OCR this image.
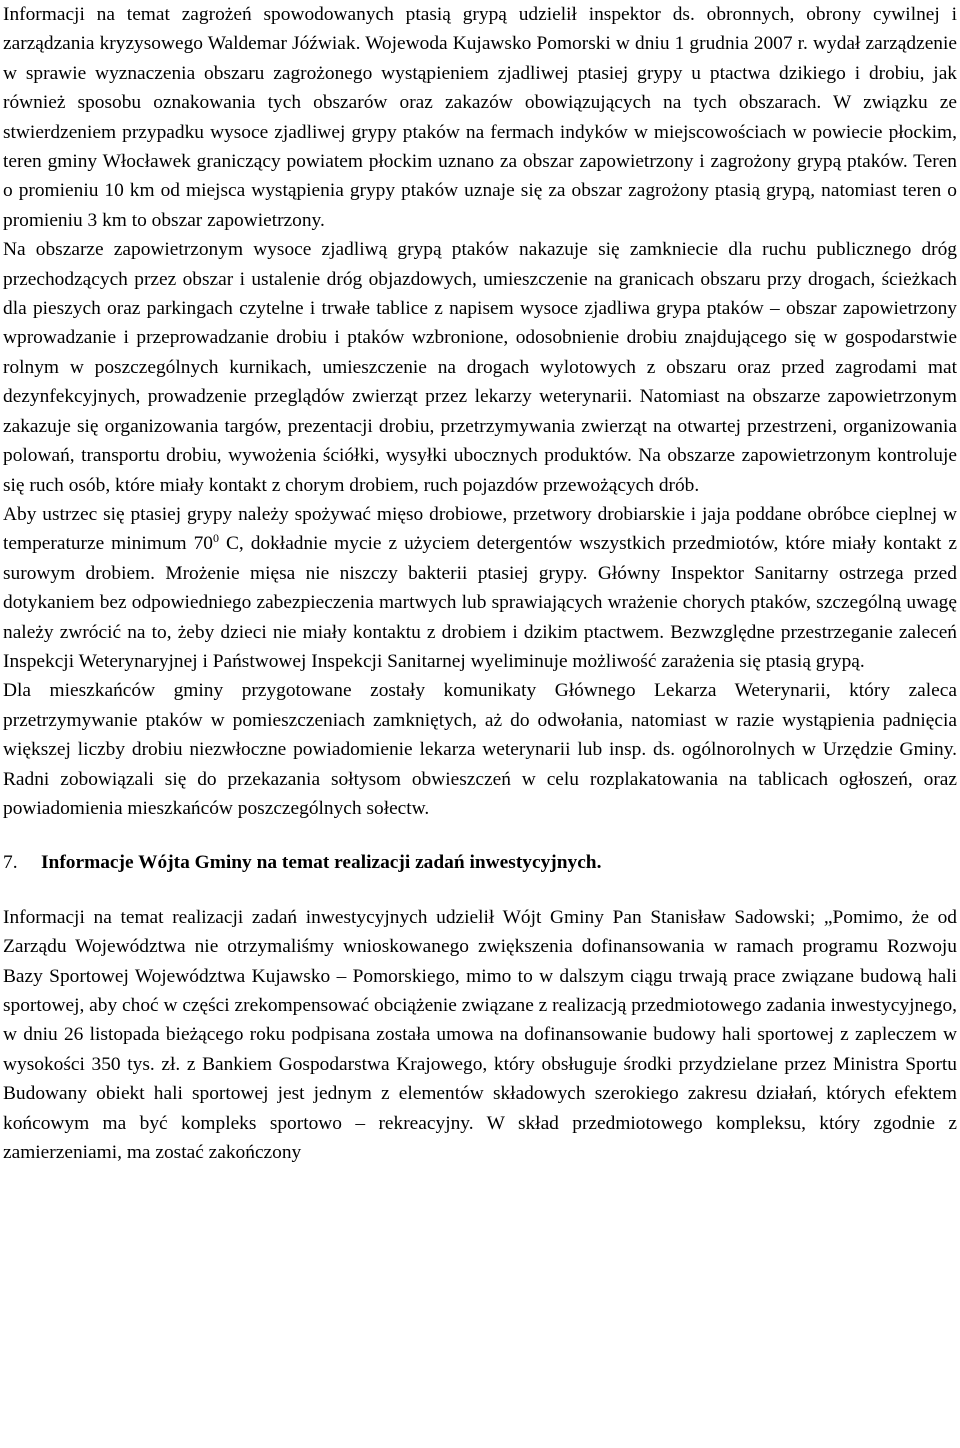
Informacji na temat zagrożeń spowodowanych ptasią grypą udzielił inspektor ds. obronnych, obrony cywilnej i zarządzania kryzysowego Waldemar Jóźwiak. Wojewoda Kujawsko Pomorski w dniu 1 grudnia 2007 r. wydał zarządzenie w sprawie wyznaczenia obszaru zagrożonego wystąpieniem zjadliwej ptasiej grypy u ptactwa dzikiego i drobiu, jak również sposobu oznakowania tych obszarów oraz zakazów obowiązujących na tych obszarach. W związku ze stwierdzeniem przypadku wysoce zjadliwej grypy ptaków na fermach indyków w miejscowościach w powiecie płockim, teren gminy Włocławek graniczący powiatem płockim uznano za obszar zapowietrzony i zagrożony grypą ptaków. Teren o promieniu 10 km od miejsca wystąpienia grypy ptaków uznaje się za obszar zagrożony ptasią grypą, natomiast teren o promieniu 3 km to obszar zapowietrzony.

Na obszarze zapowietrzonym wysoce zjadliwą grypą ptaków nakazuje się zamkniecie dla ruchu publicznego dróg przechodzących przez obszar i ustalenie dróg objazdowych, umieszczenie na granicach obszaru przy drogach, ścieżkach dla pieszych oraz parkingach czytelne i trwałe tablice z napisem wysoce zjadliwa grypa ptaków – obszar zapowietrzony wprowadzanie i przeprowadzanie drobiu i ptaków wzbronione, odosobnienie drobiu znajdującego się w gospodarstwie rolnym w poszczególnych kurnikach, umieszczenie na drogach wylotowych z obszaru oraz przed zagrodami mat dezynfekcyjnych, prowadzenie przeglądów zwierząt przez lekarzy weterynarii. Natomiast na obszarze zapowietrzonym zakazuje się organizowania targów, prezentacji drobiu, przetrzymywania zwierząt na otwartej przestrzeni, organizowania polowań, transportu drobiu, wywożenia ściółki, wysyłki ubocznych produktów. Na obszarze zapowietrzonym kontroluje się ruch osób, które miały kontakt z chorym drobiem, ruch pojazdów przewożących drób.

Aby ustrzec się ptasiej grypy należy spożywać mięso drobiowe, przetwory drobiarskie i jaja poddane obróbce cieplnej w temperaturze minimum $70^0$ C, dokładnie mycie z użyciem detergentów wszystkich przedmiotów, które miały kontakt z surowym drobiem. Mrożenie mięsa nie niszczy bakterii ptasiej grypy. Główny Inspektor Sanitarny ostrzega przed dotykaniem bez odpowiedniego zabezpieczenia martwych lub sprawiających wrażenie chorych ptaków, szczególną uwagę należy zwrócić na to, żeby dzieci nie miały kontaktu z drobiem i dzikim ptactwem. Bezwzględne przestrzeganie zaleceń Inspekcji Weterynaryjnej i Państwowej Inspekcji Sanitarnej wyeliminuje możliwość zarażenia się ptasią grypą.

Dla mieszkańców gminy przygotowane zostały komunikaty Głównego Lekarza Weterynarii, który zaleca przetrzymywanie ptaków w pomieszczeniach zamkniętych, aż do odwołania, natomiast w razie wystąpienia padnięcia większej liczby drobiu niezwłoczne powiadomienie lekarza weterynarii lub insp. ds. ogólnorolnych w Urzędzie Gminy. Radni zobowiązali się do przekazania sołtysom obwieszczeń w celu rozplakatowania na tablicach ogłoszeń, oraz powiadomienia mieszkańców poszczególnych sołectw.

7. Informacje Wójta Gminy na temat realizacji zadań inwestycyjnych.

Informacji na temat realizacji zadań inwestycyjnych udzielił Wójt Gminy Pan Stanisław Sadowski; „Pomimo, że od Zarządu Województwa nie otrzymaliśmy wnioskowanego zwiększenia dofinansowania w ramach programu Rozwoju Bazy Sportowej Województwa Kujawsko – Pomorskiego, mimo to w dalszym ciągu trwają prace związane budową hali sportowej, aby choć w części zrekompensować obciążenie związane z realizacją przedmiotowego zadania inwestycyjnego, w dniu 26 listopada bieżącego roku podpisana została umowa na dofinansowanie budowy hali sportowej z zapleczem w wysokości 350 tys. zł. z Bankiem Gospodarstwa Krajowego, który obsługuje środki przydzielane przez Ministra Sportu Budowany obiekt hali sportowej jest jednym z elementów składowych szerokiego zakresu działań, których efektem końcowym ma być kompleks sportowo – rekreacyjny. W skład przedmiotowego kompleksu, który zgodnie z zamierzeniami, ma zostać zakończony
